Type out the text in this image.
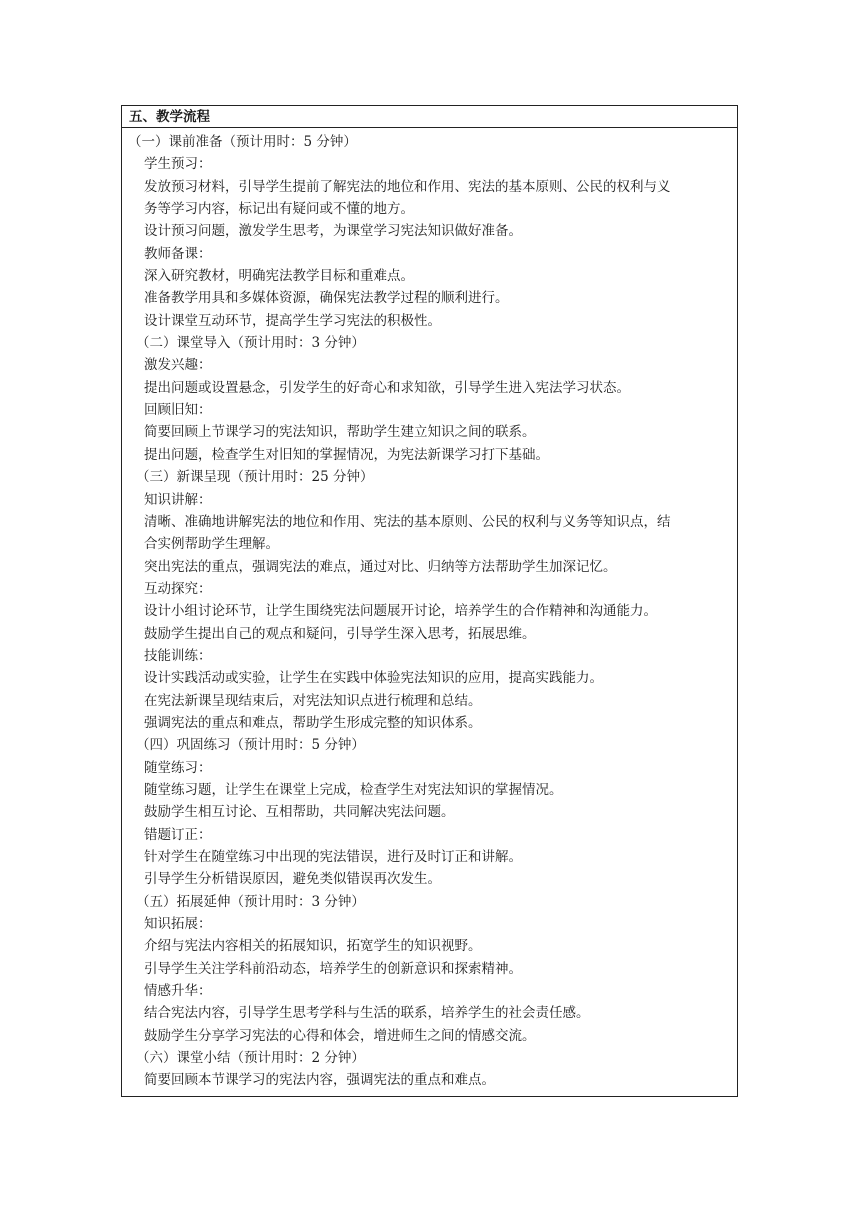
五、教学流程
（一）课前准备（预计用时：5 分钟）
学生预习：
发放预习材料，引导学生提前了解宪法的地位和作用、宪法的基本原则、公民的权利与义
务等学习内容，标记出有疑问或不懂的地方。
设计预习问题，激发学生思考，为课堂学习宪法知识做好准备。
教师备课：
深入研究教材，明确宪法教学目标和重难点。
准备教学用具和多媒体资源，确保宪法教学过程的顺利进行。
设计课堂互动环节，提高学生学习宪法的积极性。
（二）课堂导入（预计用时：3 分钟）
激发兴趣：
提出问题或设置悬念，引发学生的好奇心和求知欲，引导学生进入宪法学习状态。
回顾旧知：
简要回顾上节课学习的宪法知识，帮助学生建立知识之间的联系。
提出问题，检查学生对旧知的掌握情况，为宪法新课学习打下基础。
（三）新课呈现（预计用时：25 分钟）
知识讲解：
清晰、准确地讲解宪法的地位和作用、宪法的基本原则、公民的权利与义务等知识点，结
合实例帮助学生理解。
突出宪法的重点，强调宪法的难点，通过对比、归纳等方法帮助学生加深记忆。
互动探究：
设计小组讨论环节，让学生围绕宪法问题展开讨论，培养学生的合作精神和沟通能力。
鼓励学生提出自己的观点和疑问，引导学生深入思考，拓展思维。
技能训练：
设计实践活动或实验，让学生在实践中体验宪法知识的应用，提高实践能力。
在宪法新课呈现结束后，对宪法知识点进行梳理和总结。
强调宪法的重点和难点，帮助学生形成完整的知识体系。
（四）巩固练习（预计用时：5 分钟）
随堂练习：
随堂练习题，让学生在课堂上完成，检查学生对宪法知识的掌握情况。
鼓励学生相互讨论、互相帮助，共同解决宪法问题。
错题订正：
针对学生在随堂练习中出现的宪法错误，进行及时订正和讲解。
引导学生分析错误原因，避免类似错误再次发生。
（五）拓展延伸（预计用时：3 分钟）
知识拓展：
介绍与宪法内容相关的拓展知识，拓宽学生的知识视野。
引导学生关注学科前沿动态，培养学生的创新意识和探索精神。
情感升华：
结合宪法内容，引导学生思考学科与生活的联系，培养学生的社会责任感。
鼓励学生分享学习宪法的心得和体会，增进师生之间的情感交流。
（六）课堂小结（预计用时：2 分钟）
简要回顾本节课学习的宪法内容，强调宪法的重点和难点。
